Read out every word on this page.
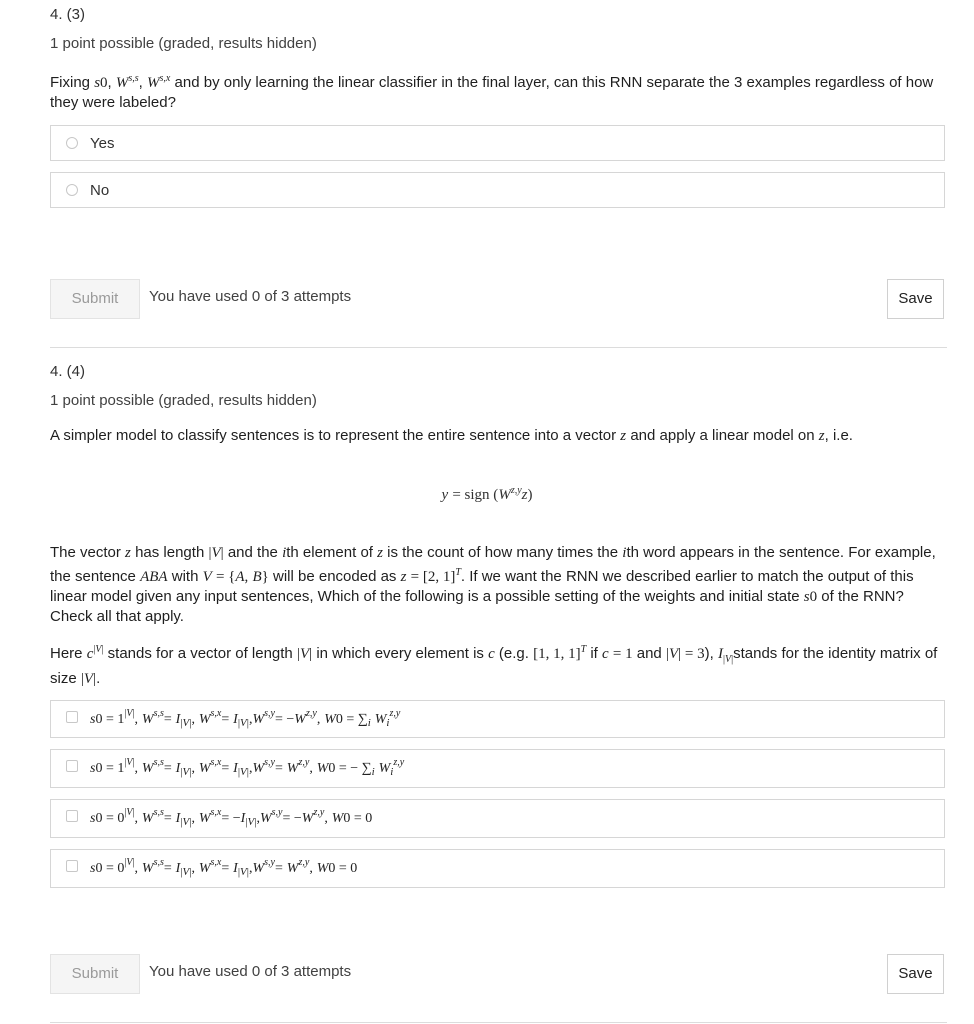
4. (3)
1 point possible (graded, results hidden)
Fixing s0, W$^{s,s}$, W$^{s,x}$ and by only learning the linear classifier in the final layer, can this RNN separate the 3 examples regardless of how they were labeled?
Yes
No
Submit	You have used 0 of 3 attempts	Save
4. (4)
1 point possible (graded, results hidden)
A simpler model to classify sentences is to represent the entire sentence into a vector z and apply a linear model on z, i.e.
y = sign $(W^{z,y}z)$
The vector z has length |V| and the ith element of z is the count of how many times the ith word appears in the sentence. For example, the sentence ABA with V = {A, B} will be encoded as z = [2, 1]$^T$. If we want the RNN we described earlier to match the output of this linear model given any input sentences, Which of the following is a possible setting of the weights and initial state s0 of the RNN? Check all that apply.
Here $c^{|V|}$ stands for a vector of length |V| in which every element is c (e.g. [1, 1, 1]$^T$ if c = 1 and |V| = 3), $I_{|V|}stands$ for the identity matrix of size |V|.
$s0 = 1^{|V|}$, $W^{s,s}= I_{|V|}$, $W^{s,x}= I_{|V|},W^{s,y}= -W^{z,y}$, $W0 = \sum_i$ $W_i^{z,y}$
$s0 = 1^{|V|}$, $W^{s,s}= I_{|V|}$, $W^{s,x}= I_{|V|},W^{s,y}= W^{z,y}$, W0 = − $\sum_i$ $W_i^{z,y}$
$s0 = 0^{|V|}$, $W^{s,s}= I_{|V|}$, $W^{s,x}= -I_{|V|},W^{s,y}= -W^{z,y}$, W0 = 0
$s0 = 0^{|V|}$, $W^{s,s}= I_{|V|}$, $W^{s,x}= I_{|V|},W^{s,y}= W^{z,y}$, W0 = 0
Submit	You have used 0 of 3 attempts	Save
